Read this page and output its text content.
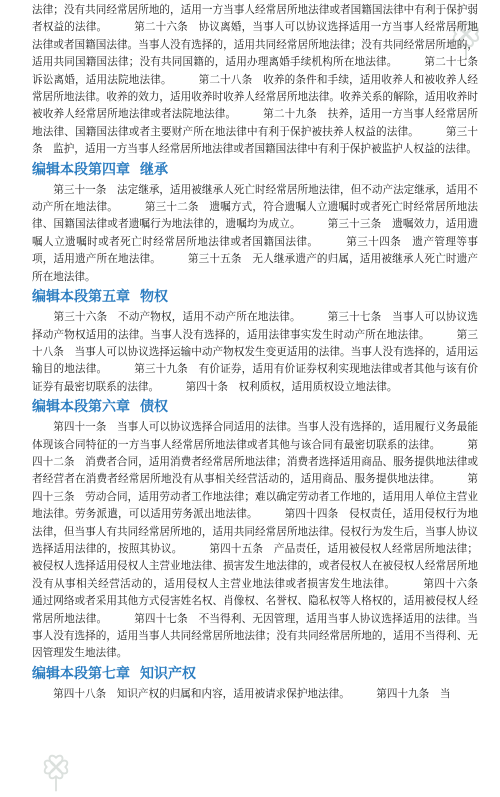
法律；没有共同经常居所地的，适用一方当事人经常居所地法律或者国籍国法律中有利于保护弱者权益的法律。　　　第二十六条　协议离婚，当事人可以协议选择适用一方当事人经常居所地法律或者国籍国法律。当事人没有选择的，适用共同经常居所地法律；没有共同经常居所地的，适用共同国籍国法律；没有共同国籍的，适用办理离婚手续机构所在地法律。　　　第二十七条　诉讼离婚，适用法院地法律。　　　第二十八条　收养的条件和手续，适用收养人和被收养人经常居所地法律。收养的效力，适用收养时收养人经常居所地法律。收养关系的解除，适用收养时被收养人经常居所地法律或者法院地法律。　　　第二十九条　扶养，适用一方当事人经常居所地法律、国籍国法律或者主要财产所在地法律中有利于保护被扶养人权益的法律。　　　第三十条　监护，适用一方当事人经常居所地法律或者国籍国法律中有利于保护被监护人权益的法律。

编辑本段第四章 继承

　　第三十一条　法定继承，适用被继承人死亡时经常居所地法律，但不动产法定继承，适用不动产所在地法律。　　　第三十二条　遗嘱方式，符合遗嘱人立遗嘱时或者死亡时经常居所地法律、国籍国法律或者遗嘱行为地法律的，遗嘱均为成立。　　　第三十三条　遗嘱效力，适用遗嘱人立遗嘱时或者死亡时经常居所地法律或者国籍国法律。　　　第三十四条　遗产管理等事项，适用遗产所在地法律。　　　第三十五条　无人继承遗产的归属，适用被继承人死亡时遗产所在地法律。

编辑本段第五章 物权

　　第三十六条　不动产物权，适用不动产所在地法律。　　　第三十七条　当事人可以协议选择动产物权适用的法律。当事人没有选择的，适用法律事实发生时动产所在地法律。　　　第三十八条　当事人可以协议选择运输中动产物权发生变更适用的法律。当事人没有选择的，适用运输目的地法律。　　　第三十九条　有价证券，适用有价证券权利实现地法律或者其他与该有价证券有最密切联系的法律。　　　第四十条　权利质权，适用质权设立地法律。

编辑本段第六章 债权

　　第四十一条　当事人可以协议选择合同适用的法律。当事人没有选择的，适用履行义务最能体现该合同特征的一方当事人经常居所地法律或者其他与该合同有最密切联系的法律。　　　第四十二条　消费者合同，适用消费者经常居所地法律；消费者选择适用商品、服务提供地法律或者经营者在消费者经常居所地没有从事相关经营活动的，适用商品、服务提供地法律。　　　第四十三条　劳动合同，适用劳动者工作地法律；难以确定劳动者工作地的，适用用人单位主营业地法律。劳务派遣，可以适用劳务派出地法律。　　　第四十四条　侵权责任，适用侵权行为地法律，但当事人有共同经常居所地的，适用共同经常居所地法律。侵权行为发生后，当事人协议选择适用法律的，按照其协议。　　　第四十五条　产品责任，适用被侵权人经常居所地法律；被侵权人选择适用侵权人主营业地法律、损害发生地法律的，或者侵权人在被侵权人经常居所地没有从事相关经营活动的，适用侵权人主营业地法律或者损害发生地法律。　　　第四十六条　通过网络或者采用其他方式侵害姓名权、肖像权、名誉权、隐私权等人格权的，适用被侵权人经常居所地法律。　　　第四十七条　不当得利、无因管理，适用当事人协议选择适用的法律。当事人没有选择的，适用当事人共同经常居所地法律；没有共同经常居所地的，适用不当得利、无因管理发生地法律。

编辑本段第七章 知识产权

　　第四十八条　知识产权的归属和内容，适用被请求保护地法律。　　　第四十九条　当
